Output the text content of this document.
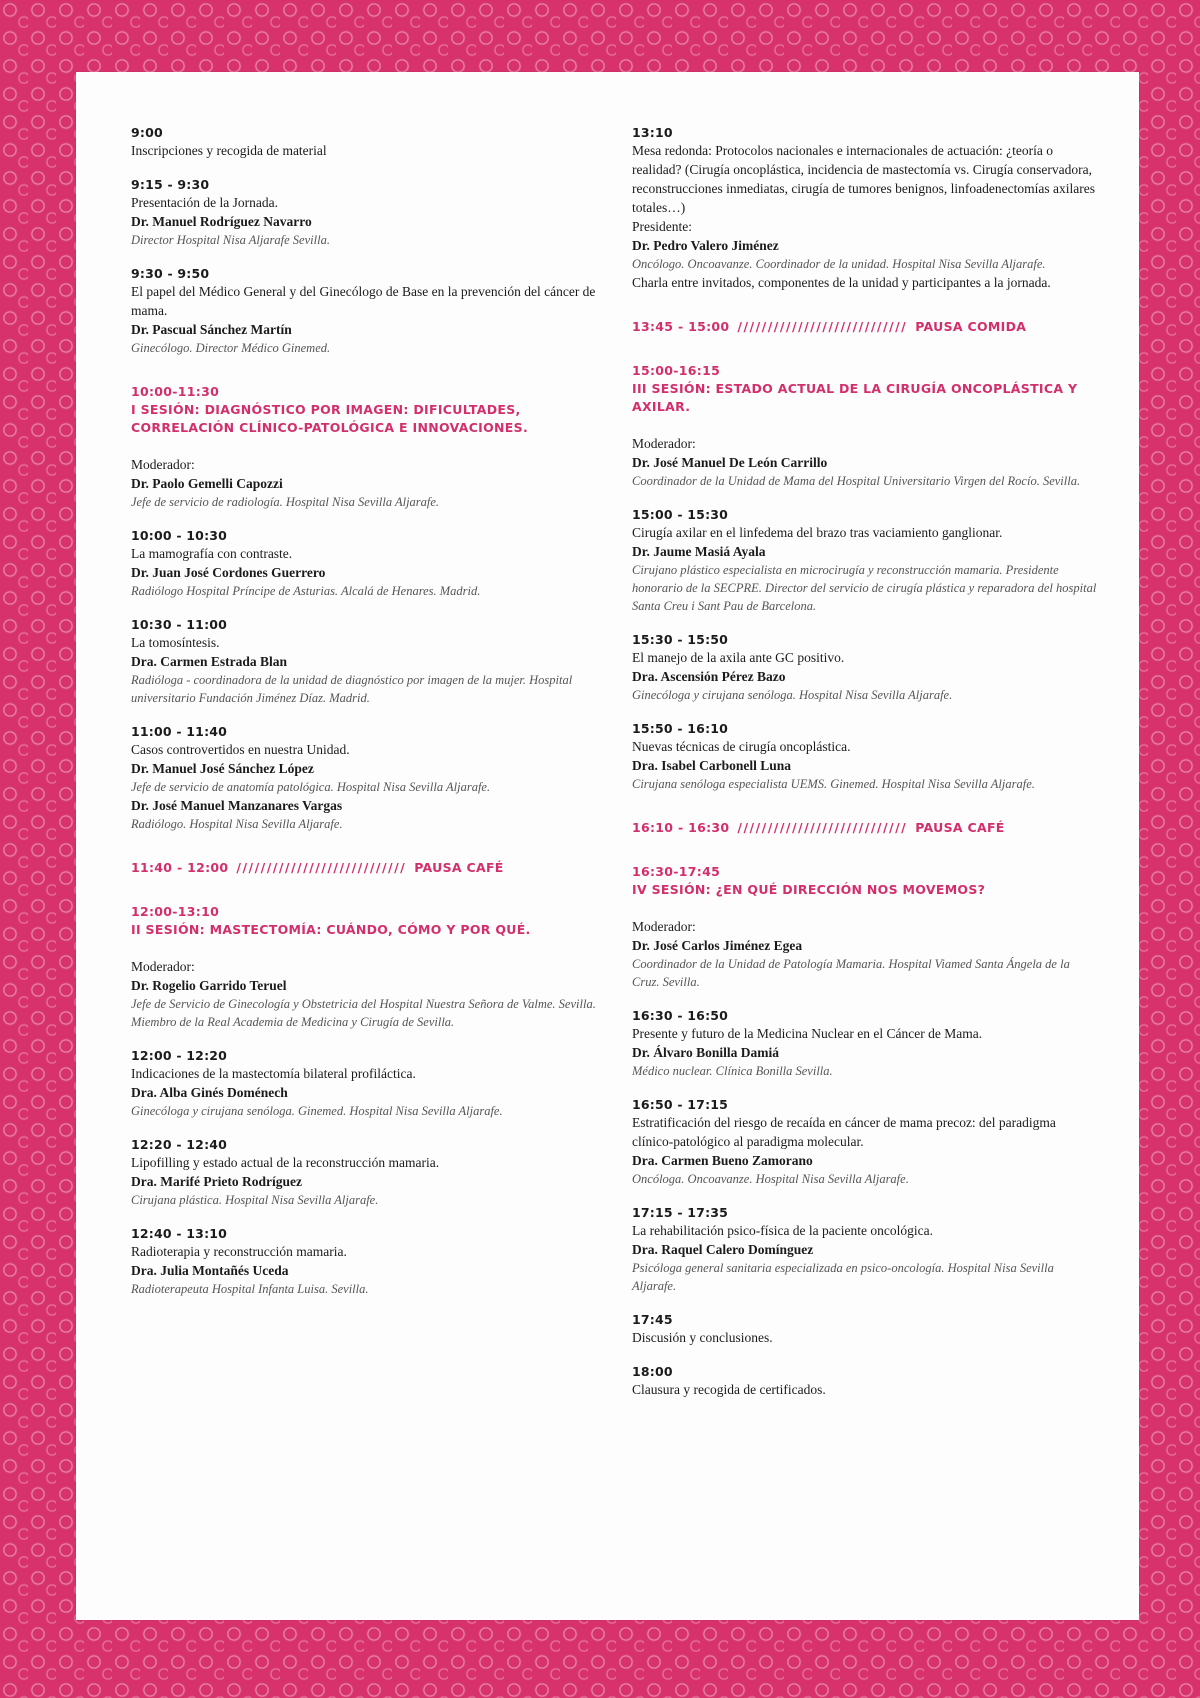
9:00
Inscripciones y recogida de material
9:15 - 9:30
Presentación de la Jornada.
Dr. Manuel Rodríguez Navarro
Director Hospital Nisa Aljarafe Sevilla.
9:30 - 9:50
El papel del Médico General y del Ginecólogo de Base en la prevención del cáncer de mama.
Dr. Pascual Sánchez Martín
Ginecólogo. Director Médico Ginemed.
10:00-11:30
I SESIÓN: DIAGNÓSTICO POR IMAGEN: DIFICULTADES, CORRELACIÓN CLÍNICO-PATOLÓGICA E INNOVACIONES.
Moderador:
Dr. Paolo Gemelli Capozzi
Jefe de servicio de radiología. Hospital Nisa Sevilla Aljarafe.
10:00 - 10:30
La mamografía con contraste.
Dr. Juan José Cordones Guerrero
Radiólogo Hospital Príncipe de Asturias. Alcalá de Henares. Madrid.
10:30 - 11:00
La tomosíntesis.
Dra. Carmen Estrada Blan
Radióloga - coordinadora de la unidad de diagnóstico por imagen de la mujer. Hospital universitario Fundación Jiménez Díaz. Madrid.
11:00 - 11:40
Casos controvertidos en nuestra Unidad.
Dr. Manuel José Sánchez López
Jefe de servicio de anatomía patológica. Hospital Nisa Sevilla Aljarafe.
Dr. José Manuel Manzanares Vargas
Radiólogo. Hospital Nisa Sevilla Aljarafe.
11:40 - 12:00 //////////////////////////// PAUSA CAFÉ
12:00-13:10
II SESIÓN: MASTECTOMÍA: CUÁNDO, CÓMO Y POR QUÉ.
Moderador:
Dr. Rogelio Garrido Teruel
Jefe de Servicio de Ginecología y Obstetricia del Hospital Nuestra Señora de Valme. Sevilla. Miembro de la Real Academia de Medicina y Cirugía de Sevilla.
12:00 - 12:20
Indicaciones de la mastectomía bilateral profiláctica.
Dra. Alba Ginés Doménech
Ginecóloga y cirujana senóloga. Ginemed. Hospital Nisa Sevilla Aljarafe.
12:20 - 12:40
Lipofilling y estado actual de la reconstrucción mamaria.
Dra. Marifé Prieto Rodríguez
Cirujana plástica. Hospital Nisa Sevilla Aljarafe.
12:40 - 13:10
Radioterapia y reconstrucción mamaria.
Dra. Julia Montañés Uceda
Radioterapeuta Hospital Infanta Luisa. Sevilla.
13:10
Mesa redonda: Protocolos nacionales e internacionales de actuación: ¿teoría o realidad? (Cirugía oncoplástica, incidencia de mastectomía vs. Cirugía conservadora, reconstrucciones inmediatas, cirugía de tumores benignos, linfoadenectomías axilares totales…)
Presidente:
Dr. Pedro Valero Jiménez
Oncólogo. Oncoavanze. Coordinador de la unidad. Hospital Nisa Sevilla Aljarafe.
Charla entre invitados, componentes de la unidad y participantes a la jornada.
13:45 - 15:00 //////////////////////////// PAUSA COMIDA
15:00-16:15
III SESIÓN: ESTADO ACTUAL DE LA CIRUGÍA ONCOPLÁSTICA Y AXILAR.
Moderador:
Dr. José Manuel De León Carrillo
Coordinador de la Unidad de Mama del Hospital Universitario Virgen del Rocío. Sevilla.
15:00 - 15:30
Cirugía axilar en el linfedema del brazo tras vaciamiento ganglionar.
Dr. Jaume Masiá Ayala
Cirujano plástico especialista en microcirugía y reconstrucción mamaria. Presidente honorario de la SECPRE. Director del servicio de cirugía plástica y reparadora del hospital Santa Creu i Sant Pau de Barcelona.
15:30 - 15:50
El manejo de la axila ante GC positivo.
Dra. Ascensión Pérez Bazo
Ginecóloga y cirujana senóloga. Hospital Nisa Sevilla Aljarafe.
15:50 - 16:10
Nuevas técnicas de cirugía oncoplástica.
Dra. Isabel Carbonell Luna
Cirujana senóloga especialista UEMS. Ginemed. Hospital Nisa Sevilla Aljarafe.
16:10 - 16:30 //////////////////////////// PAUSA CAFÉ
16:30-17:45
IV SESIÓN: ¿EN QUÉ DIRECCIÓN NOS MOVEMOS?
Moderador:
Dr. José Carlos Jiménez Egea
Coordinador de la Unidad de Patología Mamaria. Hospital Viamed Santa Ángela de la Cruz. Sevilla.
16:30 - 16:50
Presente y futuro de la Medicina Nuclear en el Cáncer de Mama.
Dr. Álvaro Bonilla Damiá
Médico nuclear. Clínica Bonilla Sevilla.
16:50 - 17:15
Estratificación del riesgo de recaída en cáncer de mama precoz: del paradigma clínico-patológico al paradigma molecular.
Dra. Carmen Bueno Zamorano
Oncóloga. Oncoavanze. Hospital Nisa Sevilla Aljarafe.
17:15 - 17:35
La rehabilitación psico-física de la paciente oncológica.
Dra. Raquel Calero Domínguez
Psicóloga general sanitaria especializada en psico-oncología. Hospital Nisa Sevilla Aljarafe.
17:45
Discusión y conclusiones.
18:00
Clausura y recogida de certificados.
